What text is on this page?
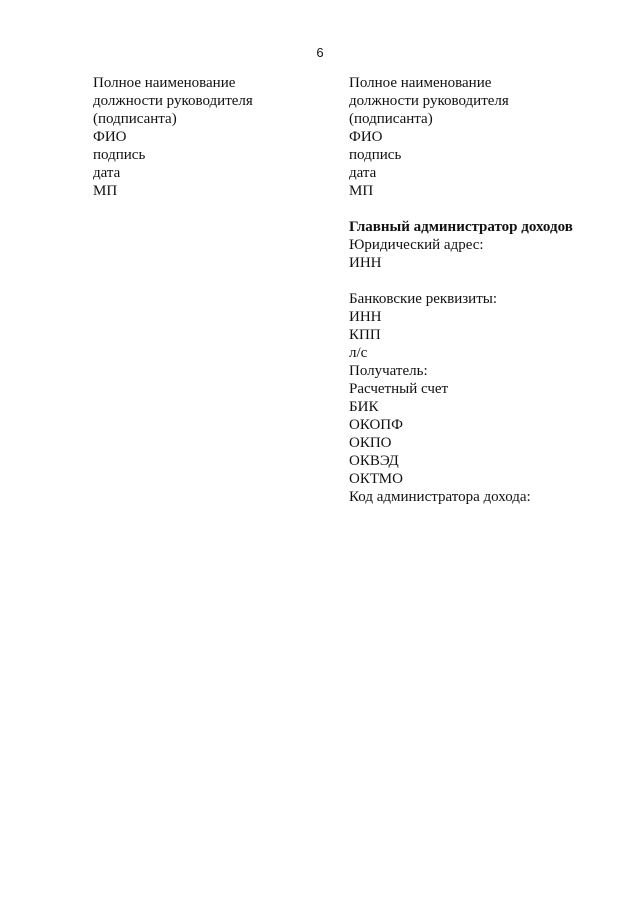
6
Полное наименование
должности руководителя
(подписанта)
ФИО
подпись
дата
МП
Полное наименование
должности руководителя
(подписанта)
ФИО
подпись
дата
МП
Главный администратор доходов
Юридический адрес:
ИНН
Банковские реквизиты:
ИНН
КПП
л/с
Получатель:
Расчетный счет
БИК
ОКОПФ
ОКПО
ОКВЭД
ОКТМО
Код администратора дохода:
